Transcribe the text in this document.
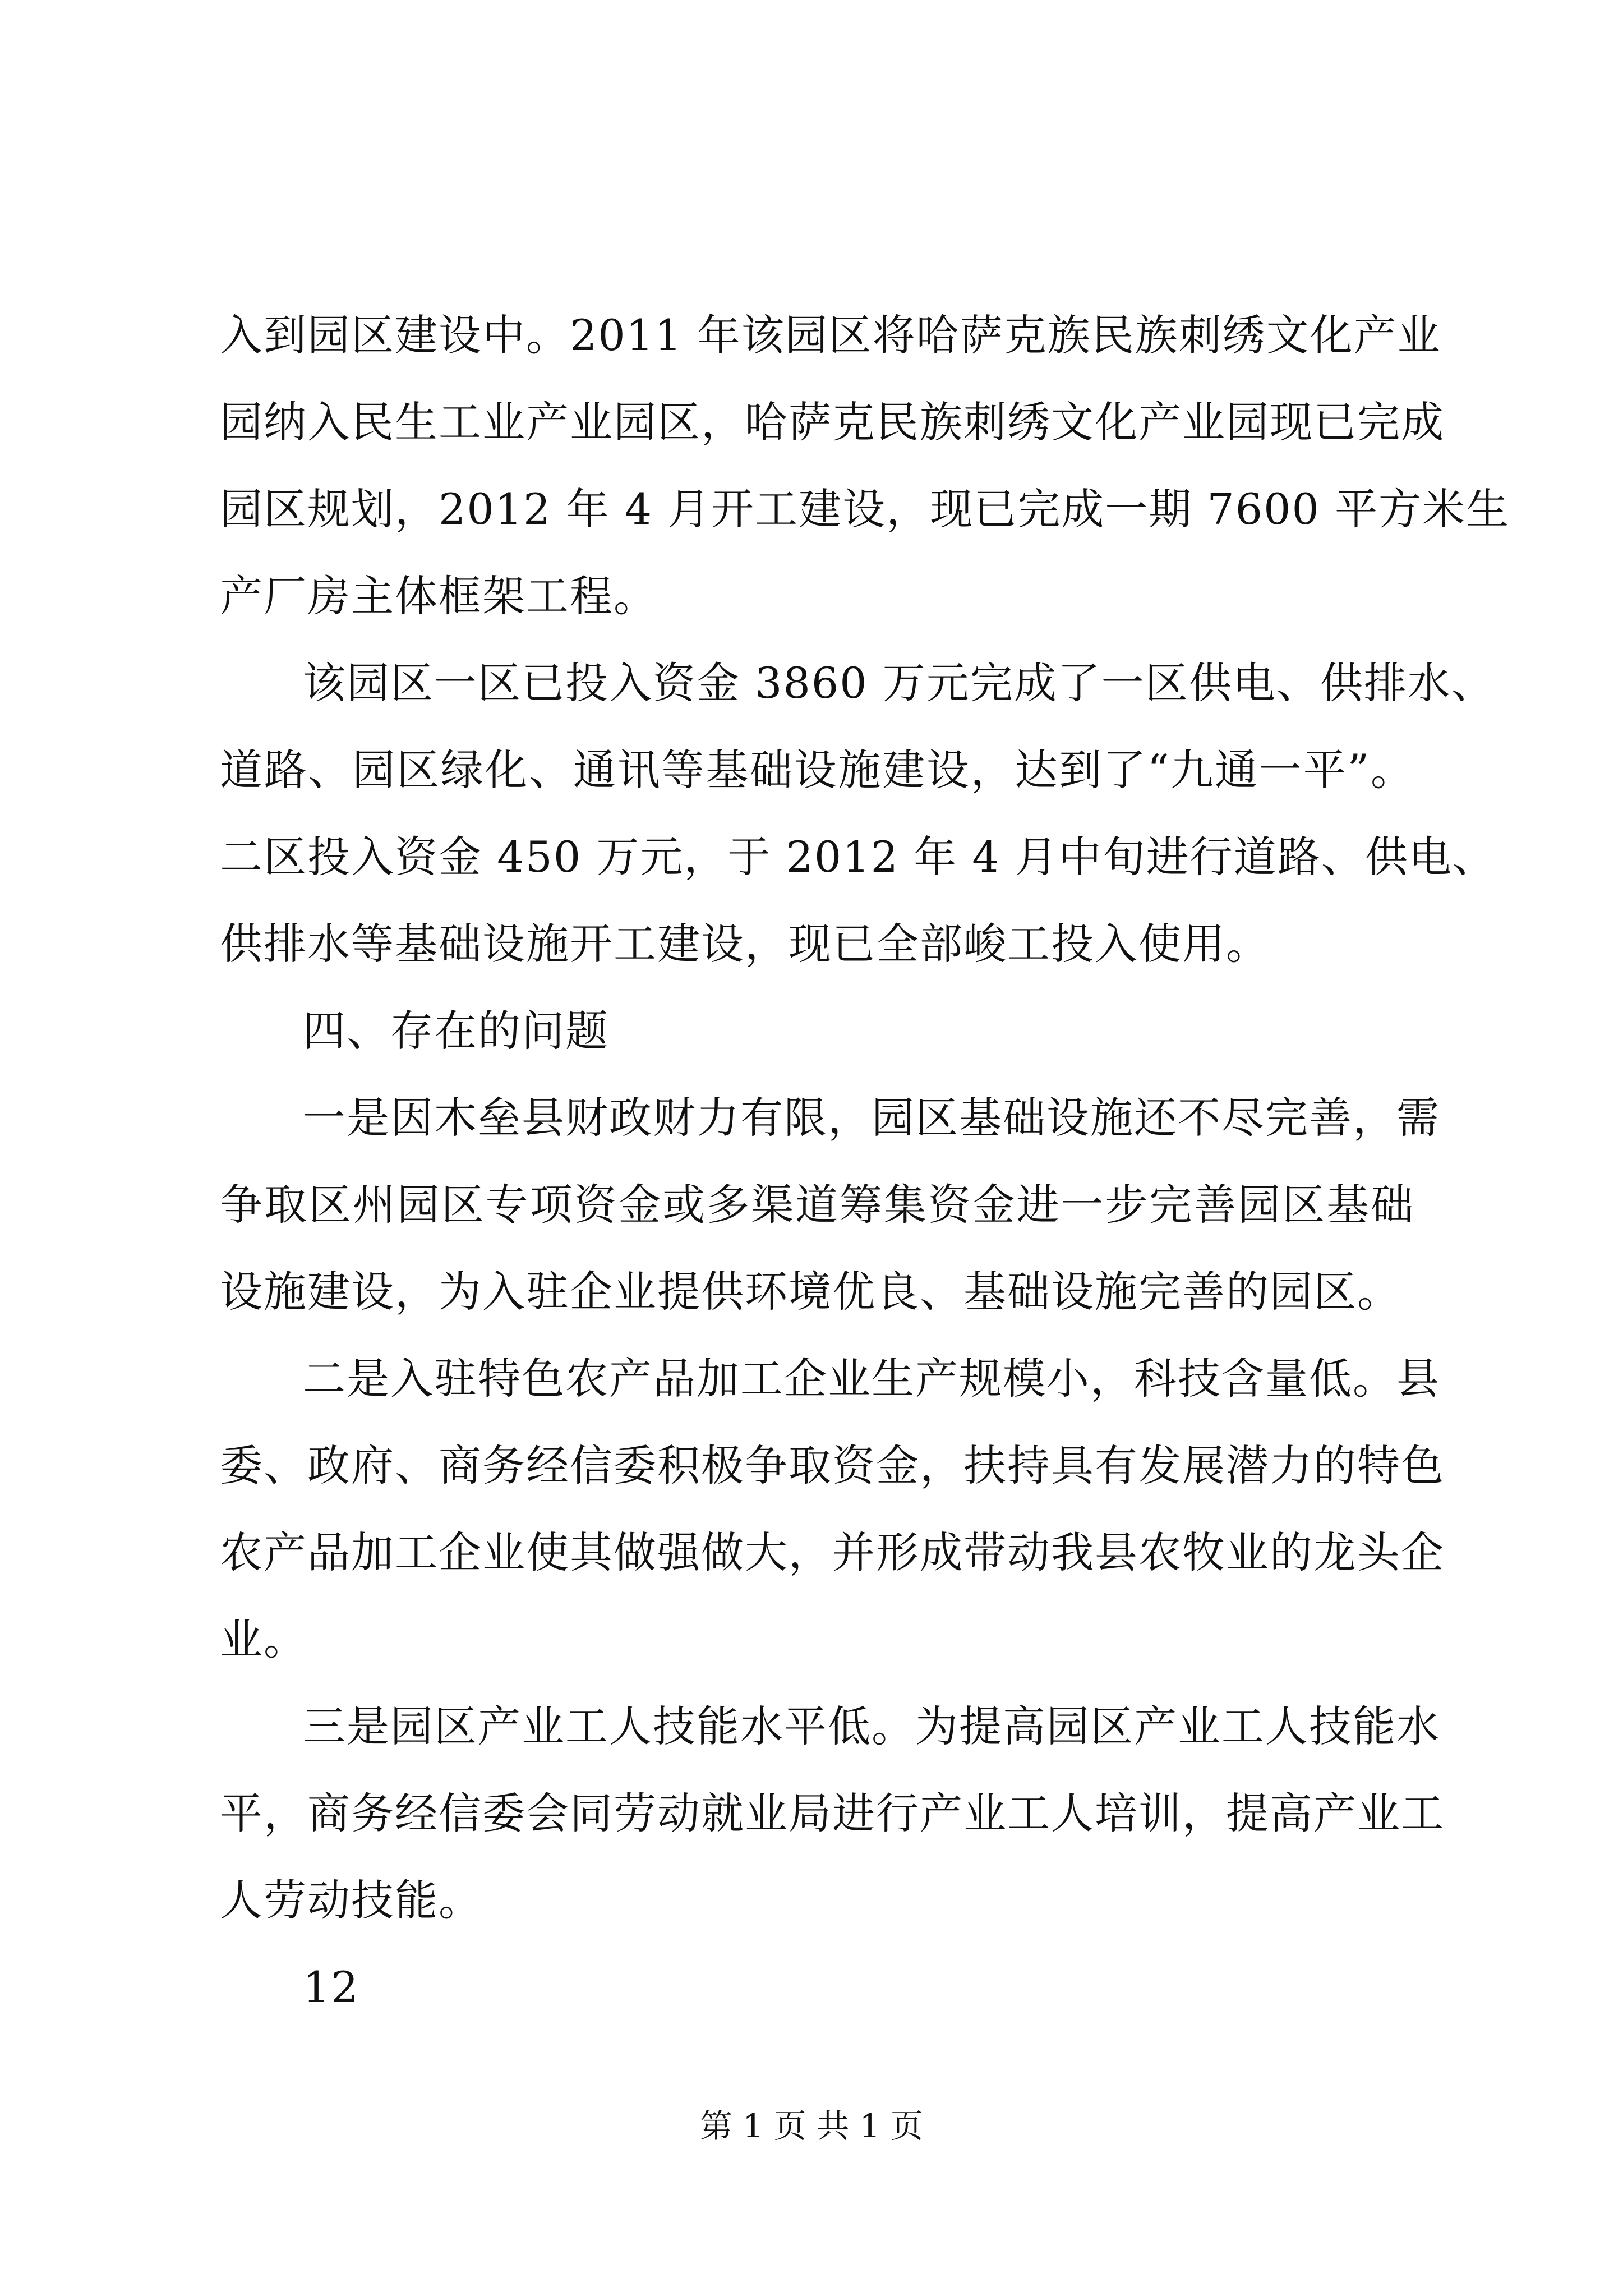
入到园区建设中。2011 年该园区将哈萨克族民族刺绣文化产业
园纳入民生工业产业园区，哈萨克民族刺绣文化产业园现已完成
园区规划，2012 年 4 月开工建设，现已完成一期 7600 平方米生
产厂房主体框架工程。
该园区一区已投入资金 3860 万元完成了一区供电、供排水、
道路、园区绿化、通讯等基础设施建设，达到了“九通一平”。
二区投入资金 450 万元，于 2012 年 4 月中旬进行道路、供电、
供排水等基础设施开工建设，现已全部峻工投入使用。
四、存在的问题
一是因木垒县财政财力有限，园区基础设施还不尽完善，需
争取区州园区专项资金或多渠道筹集资金进一步完善园区基础
设施建设，为入驻企业提供环境优良、基础设施完善的园区。
二是入驻特色农产品加工企业生产规模小，科技含量低。县
委、政府、商务经信委积极争取资金，扶持具有发展潜力的特色
农产品加工企业使其做强做大，并形成带动我县农牧业的龙头企
业。
三是园区产业工人技能水平低。为提高园区产业工人技能水
平，商务经信委会同劳动就业局进行产业工人培训，提高产业工
人劳动技能。
12
第 1 页 共 1 页
